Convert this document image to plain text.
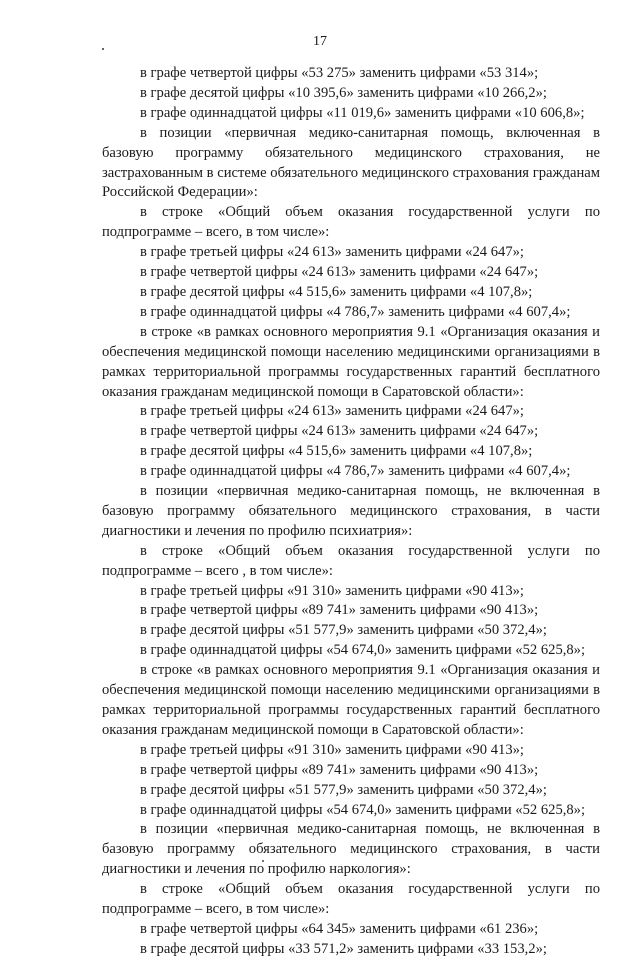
17

в графе четвертой цифры «53 275» заменить цифрами «53 314»;

в графе десятой цифры «10 395,6» заменить цифрами «10 266,2»;

в графе одиннадцатой цифры «11 019,6» заменить цифрами «10 606,8»;

в позиции «первичная медико-санитарная помощь, включенная в базовую программу обязательного медицинского страхования, не застрахованным в системе обязательного медицинского страхования гражданам Российской Федерации»:

в строке «Общий объем оказания государственной услуги по подпрограмме – всего, в том числе»:

в графе третьей цифры «24 613» заменить цифрами «24 647»;

в графе четвертой цифры «24 613» заменить цифрами «24 647»;

в графе десятой цифры «4 515,6» заменить цифрами «4 107,8»;

в графе одиннадцатой цифры «4 786,7» заменить цифрами «4 607,4»;

в строке «в рамках основного мероприятия 9.1 «Организация оказания и обеспечения медицинской помощи населению медицинскими организациями в рамках территориальной программы государственных гарантий бесплатного оказания гражданам медицинской помощи в Саратовской области»:

в графе третьей цифры «24 613» заменить цифрами «24 647»;

в графе четвертой цифры «24 613» заменить цифрами «24 647»;

в графе десятой цифры «4 515,6» заменить цифрами «4 107,8»;

в графе одиннадцатой цифры «4 786,7» заменить цифрами «4 607,4»;

в позиции «первичная медико-санитарная помощь, не включенная в базовую программу обязательного медицинского страхования, в части диагностики и лечения по профилю психиатрия»:

в строке «Общий объем оказания государственной услуги по подпрограмме – всего , в том числе»:

в графе третьей цифры «91 310» заменить цифрами «90 413»;

в графе четвертой цифры «89 741» заменить цифрами «90 413»;

в графе десятой цифры «51 577,9» заменить цифрами «50 372,4»;

в графе одиннадцатой цифры «54 674,0» заменить цифрами «52 625,8»;

в строке «в рамках основного мероприятия 9.1 «Организация оказания и обеспечения медицинской помощи населению медицинскими организациями в рамках территориальной программы государственных гарантий бесплатного оказания гражданам медицинской помощи в Саратовской области»:

в графе третьей цифры «91 310» заменить цифрами «90 413»;

в графе четвертой цифры «89 741» заменить цифрами «90 413»;

в графе десятой цифры «51 577,9» заменить цифрами «50 372,4»;

в графе одиннадцатой цифры «54 674,0» заменить цифрами «52 625,8»;

в позиции «первичная медико-санитарная помощь, не включенная в базовую программу обязательного медицинского страхования, в части диагностики и лечения по профилю наркология»:

в строке «Общий объем оказания государственной услуги по подпрограмме – всего, в том числе»:

в графе четвертой цифры «64 345» заменить цифрами «61 236»;

в графе десятой цифры «33 571,2» заменить цифрами «33 153,2»;
